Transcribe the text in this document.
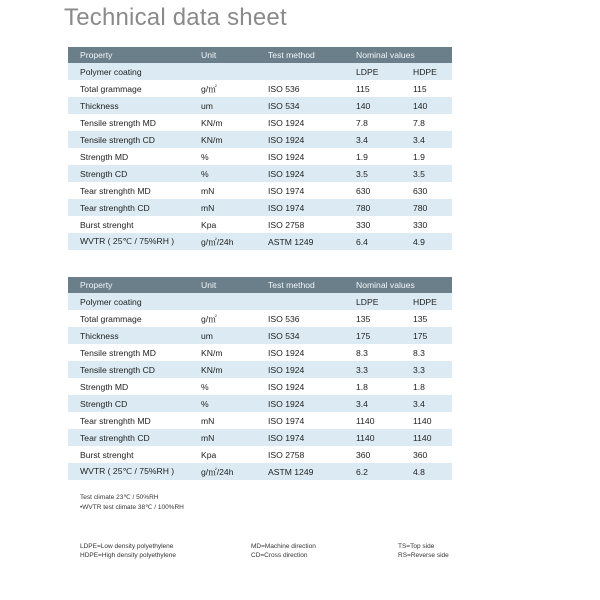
Technical data sheet
Property	Unit	Test method	Nominal values	
Polymer coating			LDPE	HDPE
Total grammage	g/㎡	ISO 536	115	115
Thickness	um	ISO 534	140	140
Tensile strength MD	KN/m	ISO 1924	7.8	7.8
Tensile strength CD	KN/m	ISO 1924	3.4	3.4
Strength MD	%	ISO 1924	1.9	1.9
Strength CD	%	ISO 1924	3.5	3.5
Tear strenghth MD	mN	ISO 1974	630	630
Tear strenghth CD	mN	ISO 1974	780	780
Burst strenght	Kpa	ISO 2758	330	330
WVTR ( 25℃ / 75%RH )	g/㎡/24h	ASTM 1249	6.4	4.9
Property	Unit	Test method	Nominal values	
Polymer coating			LDPE	HDPE
Total grammage	g/㎡	ISO 536	135	135
Thickness	um	ISO 534	175	175
Tensile strength MD	KN/m	ISO 1924	8.3	8.3
Tensile strength CD	KN/m	ISO 1924	3.3	3.3
Strength MD	%	ISO 1924	1.8	1.8
Strength CD	%	ISO 1924	3.4	3.4
Tear strenghth MD	mN	ISO 1974	1140	1140
Tear strenghth CD	mN	ISO 1974	1140	1140
Burst strenght	Kpa	ISO 2758	360	360
WVTR ( 25℃ / 75%RH )	g/㎡/24h	ASTM 1249	6.2	4.8
Test climate 23℃ / 50%RH
•WVTR test climate 38℃ / 100%RH
LDPE=Low density polyethylene
HDPE=High density polyethylene
MD=Machine direction
CD=Cross direction
TS=Top side
RS=Reverse side
